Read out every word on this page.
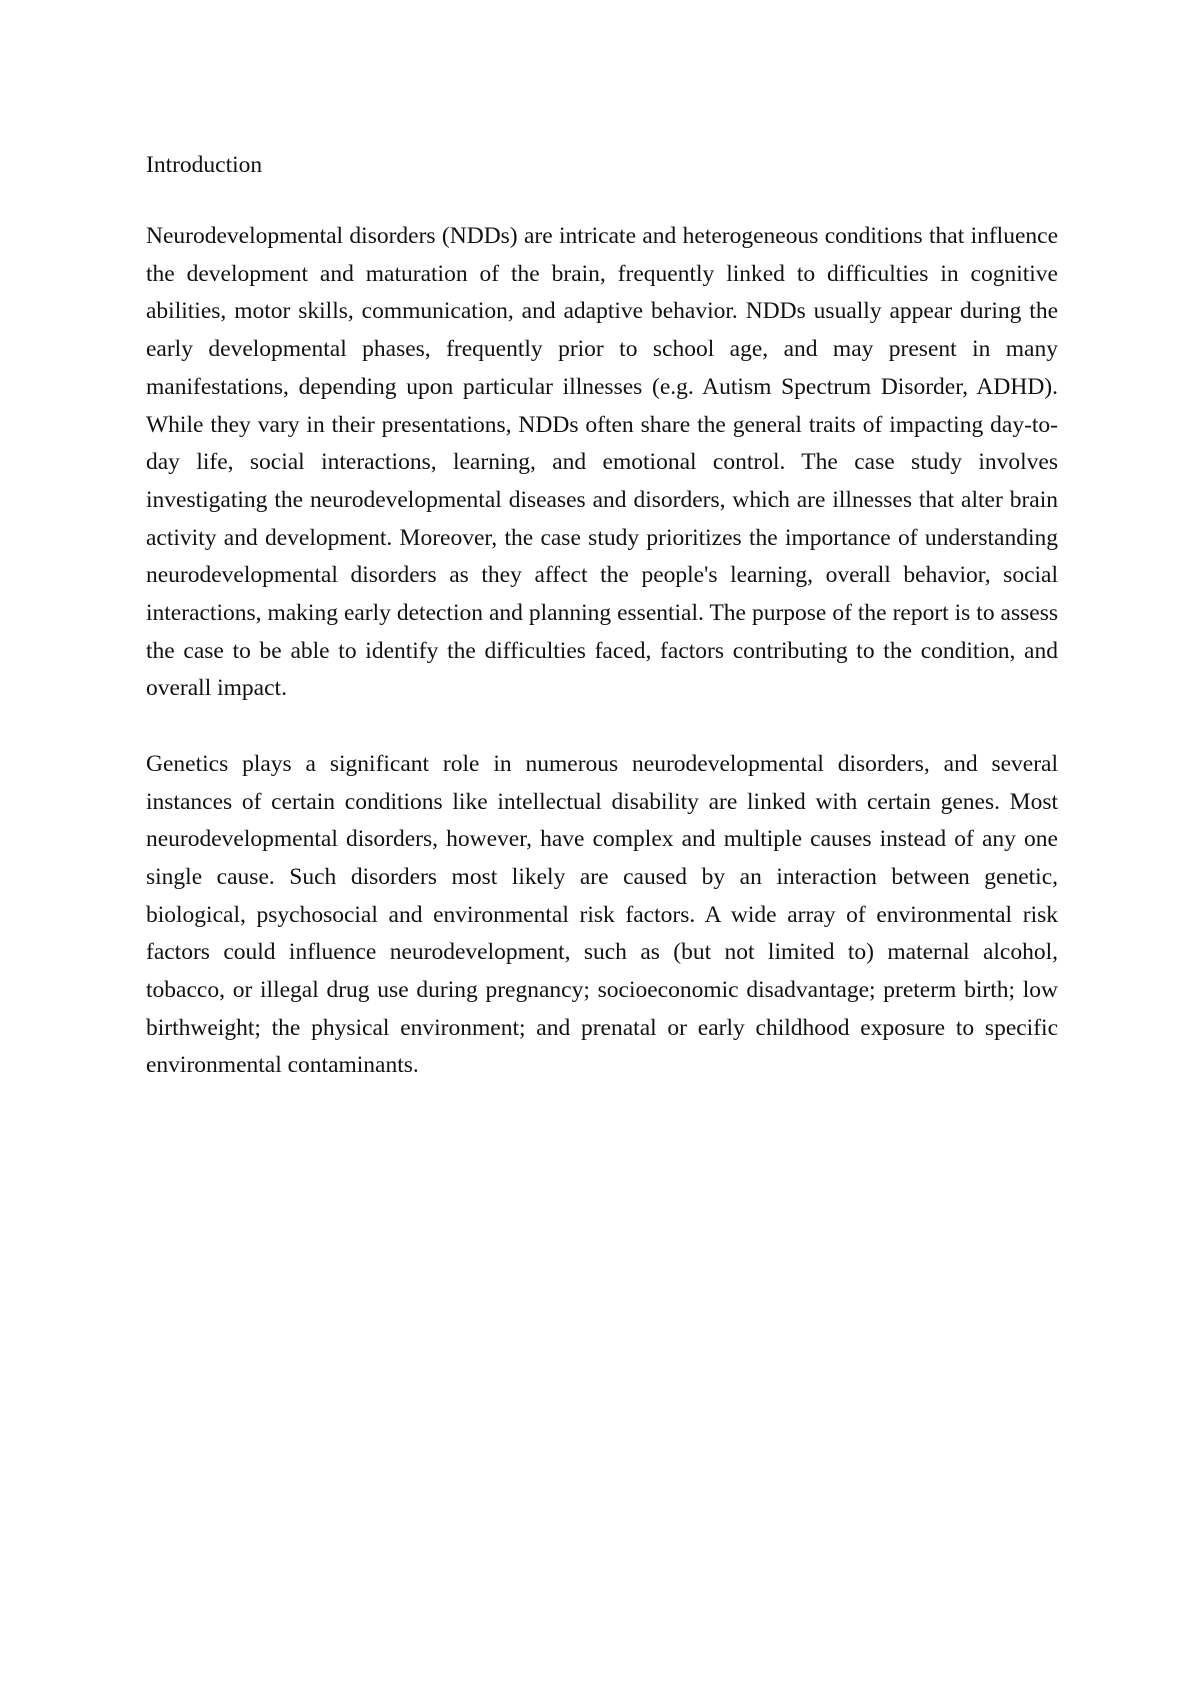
Introduction

Neurodevelopmental disorders (NDDs) are intricate and heterogeneous conditions that influence the development and maturation of the brain, frequently linked to difficulties in cognitive abilities, motor skills, communication, and adaptive behavior. NDDs usually appear during the early developmental phases, frequently prior to school age, and may present in many manifestations, depending upon particular illnesses (e.g. Autism Spectrum Disorder, ADHD). While they vary in their presentations, NDDs often share the general traits of impacting day-to-day life, social interactions, learning, and emotional control. The case study involves investigating the neurodevelopmental diseases and disorders, which are illnesses that alter brain activity and development. Moreover, the case study prioritizes the importance of understanding neurodevelopmental disorders as they affect the people's learning, overall behavior, social interactions, making early detection and planning essential. The purpose of the report is to assess the case to be able to identify the difficulties faced, factors contributing to the condition, and overall impact.

Genetics plays a significant role in numerous neurodevelopmental disorders, and several instances of certain conditions like intellectual disability are linked with certain genes. Most neurodevelopmental disorders, however, have complex and multiple causes instead of any one single cause. Such disorders most likely are caused by an interaction between genetic, biological, psychosocial and environmental risk factors. A wide array of environmental risk factors could influence neurodevelopment, such as (but not limited to) maternal alcohol, tobacco, or illegal drug use during pregnancy; socioeconomic disadvantage; preterm birth; low birthweight; the physical environment; and prenatal or early childhood exposure to specific environmental contaminants.
